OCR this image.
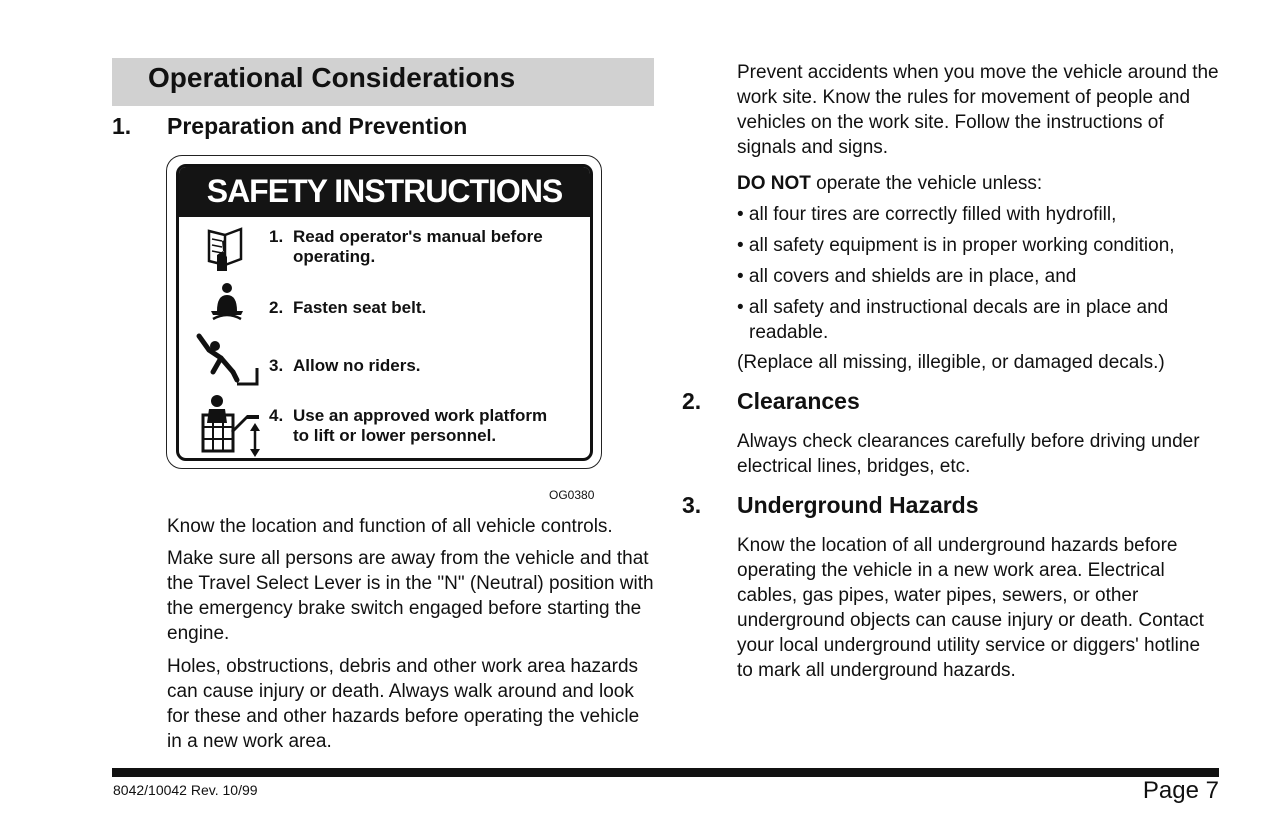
Operational Considerations
1. Preparation and Prevention
SAFETY INSTRUCTIONS
1. Read operator's manual before
operating.
2. Fasten seat belt.
3. Allow no riders.
4. Use an approved work platform
to lift or lower personnel.
OG0380

Know the location and function of all vehicle controls.

Make sure all persons are away from the vehicle and that the Travel Select Lever is in the "N" (Neutral) position with the emergency brake switch engaged before starting the engine.

Holes, obstructions, debris and other work area hazards can cause injury or death. Always walk around and look for these and other hazards before operating the vehicle in a new work area.

Prevent accidents when you move the vehicle around the work site. Know the rules for movement of people and vehicles on the work site. Follow the instructions of signals and signs.

DO NOT operate the vehicle unless:
• all four tires are correctly filled with hydrofill,
• all safety equipment is in proper working condition,
• all covers and shields are in place, and
• all safety and instructional decals are in place and
readable.
(Replace all missing, illegible, or damaged decals.)
2. Clearances

Always check clearances carefully before driving under electrical lines, bridges, etc.

3. Underground Hazards

Know the location of all underground hazards before operating the vehicle in a new work area. Electrical cables, gas pipes, water pipes, sewers, or other underground objects can cause injury or death. Contact your local underground utility service or diggers' hotline to mark all underground hazards.

8042/10042 Rev. 10/99	Page 7
